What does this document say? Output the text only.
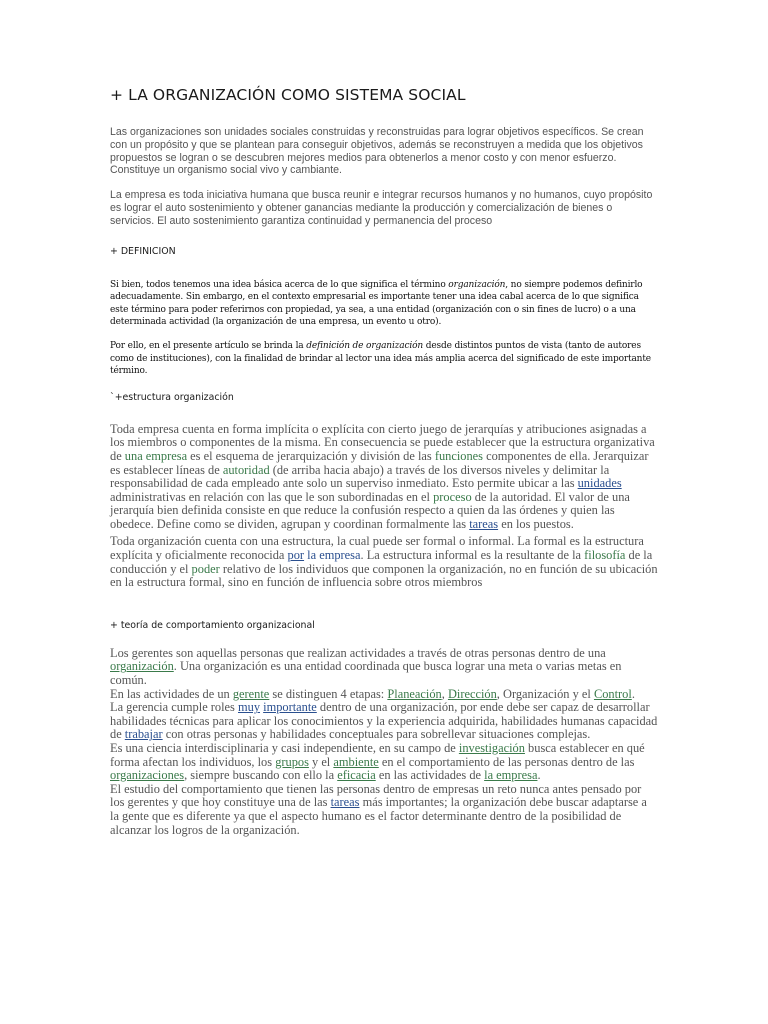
+ LA ORGANIZACIÓN COMO SISTEMA SOCIAL

Las organizaciones son unidades sociales construidas y reconstruidas para lograr objetivos específicos. Se crean con un propósito y que se plantean para conseguir objetivos, además se reconstruyen a medida que los objetivos propuestos se logran o se descubren mejores medios para obtenerlos a menor costo y con menor esfuerzo. Constituye un organismo social vivo y cambiante.

La empresa es toda iniciativa humana que busca reunir e integrar recursos humanos y no humanos, cuyo propósito es lograr el auto sostenimiento y obtener ganancias mediante la producción y comercialización de bienes o servicios. El auto sostenimiento garantiza continuidad y permanencia del proceso

+ DEFINICION

Si bien, todos tenemos una idea básica acerca de lo que significa el término organización, no siempre podemos definirlo adecuadamente. Sin embargo, en el contexto empresarial es importante tener una idea cabal acerca de lo que significa este término para poder referirnos con propiedad, ya sea, a una entidad (organización con o sin fines de lucro) o a una determinada actividad (la organización de una empresa, un evento u otro).

Por ello, en el presente artículo se brinda la definición de organización desde distintos puntos de vista (tanto de autores como de instituciones), con la finalidad de brindar al lector una idea más amplia acerca del significado de este importante término.

`+estructura organización

Toda empresa cuenta en forma implícita o explícita con cierto juego de jerarquías y atribuciones asignadas a los miembros o componentes de la misma. En consecuencia se puede establecer que la estructura organizativa de una empresa es el esquema de jerarquización y división de las funciones componentes de ella. Jerarquizar es establecer líneas de autoridad (de arriba hacia abajo) a través de los diversos niveles y delimitar la responsabilidad de cada empleado ante solo un superviso inmediato. Esto permite ubicar a las unidades administrativas en relación con las que le son subordinadas en el proceso de la autoridad. El valor de una jerarquía bien definida consiste en que reduce la confusión respecto a quien da las órdenes y quien las obedece. Define como se dividen, agrupan y coordinan formalmente las tareas en los puestos.

Toda organización cuenta con una estructura, la cual puede ser formal o informal. La formal es la estructura explícita y oficialmente reconocida por la empresa. La estructura informal es la resultante de la filosofía de la conducción y el poder relativo de los individuos que componen la organización, no en función de su ubicación en la estructura formal, sino en función de influencia sobre otros miembros

+ teoría de comportamiento organizacional

Los gerentes son aquellas personas que realizan actividades a través de otras personas dentro de una organización. Una organización es una entidad coordinada que busca lograr una meta o varias metas en común.

En las actividades de un gerente se distinguen 4 etapas: Planeación, Dirección, Organización y el Control.

La gerencia cumple roles muy importante dentro de una organización, por ende debe ser capaz de desarrollar habilidades técnicas para aplicar los conocimientos y la experiencia adquirida, habilidades humanas capacidad de trabajar con otras personas y habilidades conceptuales para sobrellevar situaciones complejas.

Es una ciencia interdisciplinaria y casi independiente, en su campo de investigación busca establecer en qué forma afectan los individuos, los grupos y el ambiente en el comportamiento de las personas dentro de las organizaciones, siempre buscando con ello la eficacia en las actividades de la empresa.

El estudio del comportamiento que tienen las personas dentro de empresas un reto nunca antes pensado por los gerentes y que hoy constituye una de las tareas más importantes; la organización debe buscar adaptarse a la gente que es diferente ya que el aspecto humano es el factor determinante dentro de la posibilidad de alcanzar los logros de la organización.
